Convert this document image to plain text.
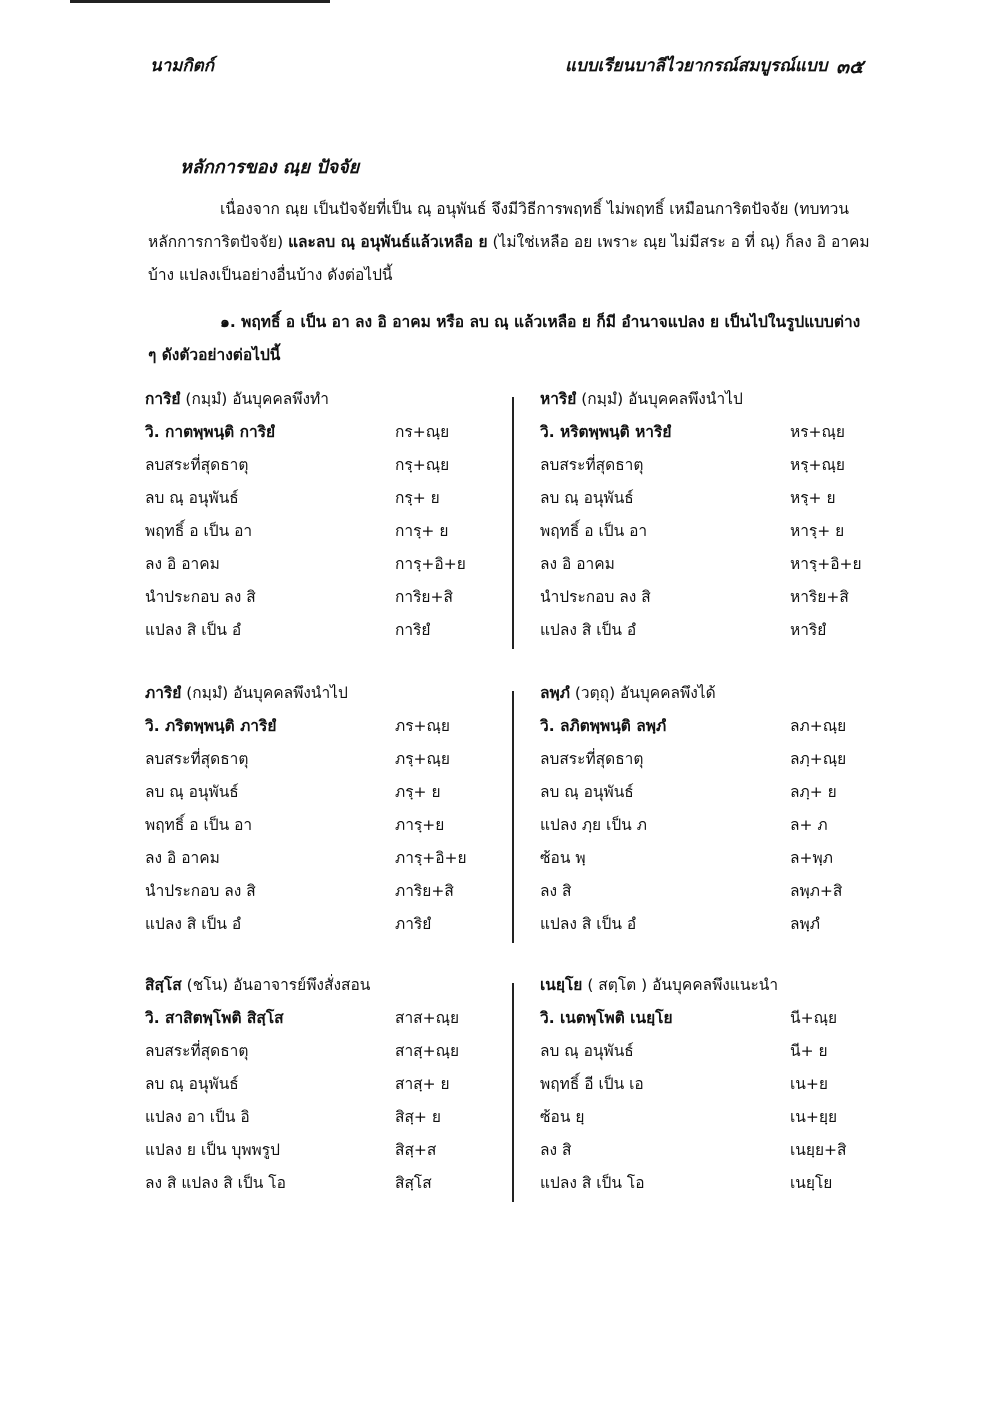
นามกิตก์	แบบเรียนบาลีไวยากรณ์สมบูรณ์แบบ ๓๕
หลักการของ ณฺย ปัจจัย
เนื่องจาก ณฺย เป็นปัจจัยที่เป็น ณฺ อนุพันธ์ จึงมีวิธีการพฤทธิ์ ไม่พฤทธิ์ เหมือนการิตปัจจัย (ทบทวน หลักการการิตปัจจัย) และลบ ณฺ อนุพันธ์แล้วเหลือ ย (ไม่ใช่เหลือ อย เพราะ ณฺย ไม่มีสระ อ ที่ ณฺ) ก็ลง อิ อาคมบ้าง แปลงเป็นอย่างอื่นบ้าง ดังต่อไปนี้
๑. พฤทธิ์ อ เป็น อา ลง อิ อาคม หรือ ลบ ณฺ แล้วเหลือ ย ก็มี อำนาจแปลง ย เป็นไปในรูปแบบต่าง ๆ ดังตัวอย่างต่อไปนี้
การิยํ (กมฺมํ) อันบุคคลพึงทำ
วิ. กาตพฺพนฺติ การิยํ	กร+ณฺย
ลบสระที่สุดธาตุ	กรฺ+ณฺย
ลบ ณฺ อนุพันธ์	กรฺ+ ย
พฤทธิ์ อ เป็น อา	การฺ+ ย
ลง อิ อาคม	การฺ+อิ+ย
นำประกอบ ลง สิ	การิย+สิ
แปลง สิ เป็น อํ	การิยํ
หาริยํ (กมฺมํ) อันบุคคลพึงนำไป
วิ. หริตพฺพนฺติ หาริยํ	หร+ณฺย
ลบสระที่สุดธาตุ	หรฺ+ณฺย
ลบ ณฺ อนุพันธ์	หรฺ+ ย
พฤทธิ์ อ เป็น อา	หารฺ+ ย
ลง อิ อาคม	หารฺ+อิ+ย
นำประกอบ ลง สิ	หาริย+สิ
แปลง สิ เป็น อํ	หาริยํ
ภาริยํ (กมฺมํ) อันบุคคลพึงนำไป
วิ. ภริตพฺพนฺติ ภาริยํ	ภร+ณฺย
ลบสระที่สุดธาตุ	ภรฺ+ณฺย
ลบ ณฺ อนุพันธ์	ภรฺ+ ย
พฤทธิ์ อ เป็น อา	ภารฺ+ย
ลง อิ อาคม	ภารฺ+อิ+ย
นำประกอบ ลง สิ	ภาริย+สิ
แปลง สิ เป็น อํ	ภาริยํ
ลพฺภํ (วตฺถุ) อันบุคคลพึงได้
วิ. ลภิตพฺพนฺติ ลพฺภํ	ลภ+ณฺย
ลบสระที่สุดธาตุ	ลภฺ+ณฺย
ลบ ณฺ อนุพันธ์	ลภฺ+ ย
แปลง ภฺย เป็น ภ	ล+ ภ
ซ้อน พฺ	ล+พฺภ
ลง สิ	ลพฺภ+สิ
แปลง สิ เป็น อํ	ลพฺภํ
สิสฺโส (ชโน) อันอาจารย์พึงสั่งสอน
วิ. สาสิตพฺโพติ สิสฺโส	สาส+ณฺย
ลบสระที่สุดธาตุ	สาสฺ+ณฺย
ลบ ณฺ อนุพันธ์	สาสฺ+ ย
แปลง อา เป็น อิ	สิสฺ+ ย
แปลง ย เป็น บุพพรูป	สิสฺ+ส
ลง สิ แปลง สิ เป็น โอ	สิสฺโส
เนยฺโย ( สตฺโต ) อันบุคคลพึงแนะนำ
วิ. เนตพฺโพติ เนยฺโย	นี+ณฺย
ลบ ณฺ อนุพันธ์	นี+ ย
พฤทธิ์ อี เป็น เอ	เน+ย
ซ้อน ยฺ	เน+ยฺย
ลง สิ	เนยฺย+สิ
แปลง สิ เป็น โอ	เนยฺโย
